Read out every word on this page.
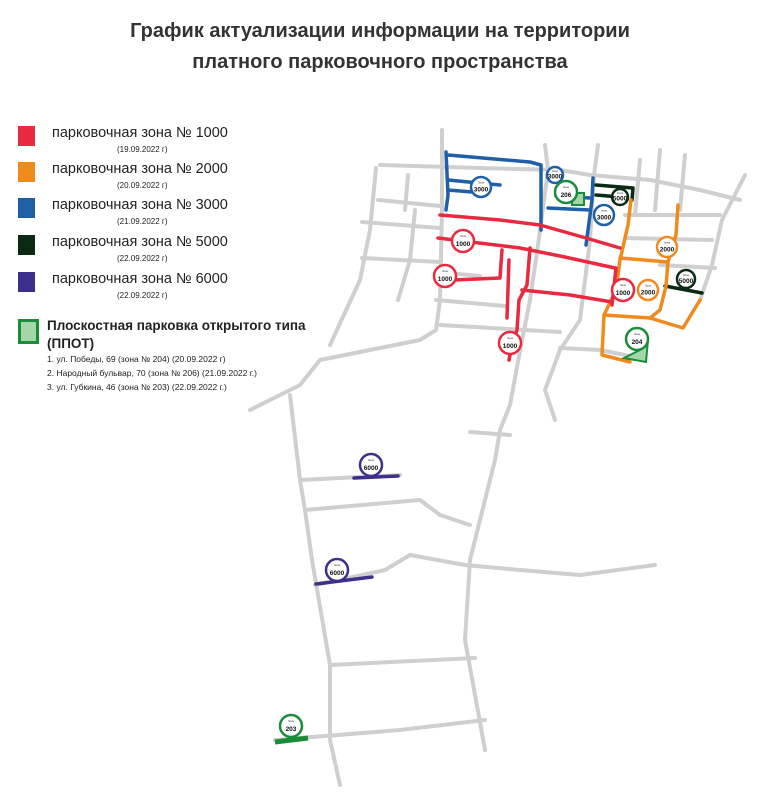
Зона
1000
Зона
1000
Зона
1000
Зона
1000
Зона
2000
Зона
2000
Зона
3000
Зона
3000
Зона
3000
Зона
5000
Зона
5000
Зона
6000
Зона
6000
Зона
206
Зона
204
Зона
203
График актуализации информации на территории платного парковочного пространства
парковочная зона № 1000
(19.09.2022 г)
парковочная зона № 2000
(20.09.2022 г)
парковочная зона № 3000
(21.09.2022 г)
парковочная зона № 5000
(22.09.2022 г)
парковочная зона № 6000
(22.09.2022 г)
Плоскостная парковка открытого типа (ППОТ)
1. ул. Победы, 69 (зона № 204) (20.09.2022 г)
2. Народный бульвар, 70 (зона № 206) (21.09.2022 г.)
3. ул. Губкина, 46 (зона № 203) (22.09.2022 г.)
